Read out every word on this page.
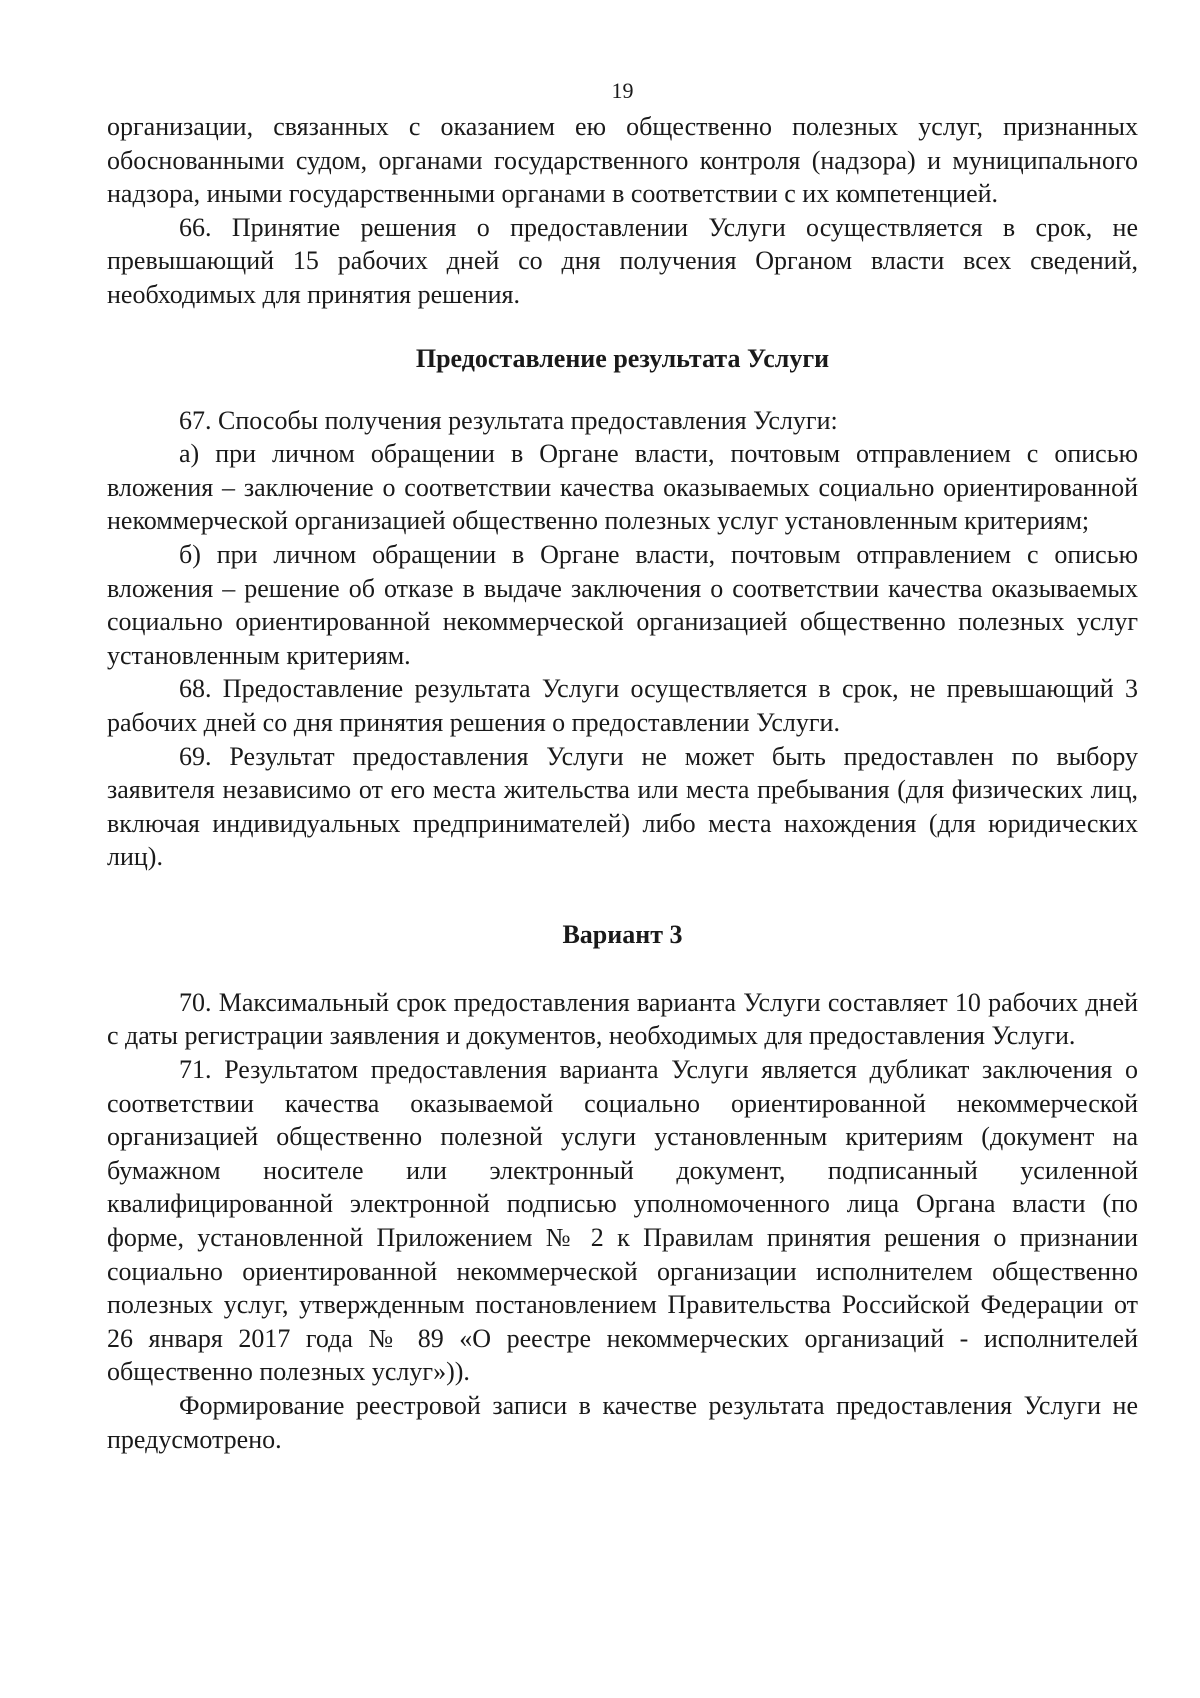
19

организации, связанных с оказанием ею общественно полезных услуг, признанных обоснованными судом, органами государственного контроля (надзора) и муниципального надзора, иными государственными органами в соответствии с их компетенцией.

66. Принятие решения о предоставлении Услуги осуществляется в срок, не превышающий 15 рабочих дней со дня получения Органом власти всех сведений, необходимых для принятия решения.

Предоставление результата Услуги

67. Способы получения результата предоставления Услуги:

а) при личном обращении в Органе власти, почтовым отправлением с описью вложения – заключение о соответствии качества оказываемых социально ориентированной некоммерческой организацией общественно полезных услуг установленным критериям;

б) при личном обращении в Органе власти, почтовым отправлением с описью вложения – решение об отказе в выдаче заключения о соответствии качества оказываемых социально ориентированной некоммерческой организацией общественно полезных услуг установленным критериям.

68. Предоставление результата Услуги осуществляется в срок, не превышающий 3 рабочих дней со дня принятия решения о предоставлении Услуги.

69. Результат предоставления Услуги не может быть предоставлен по выбору заявителя независимо от его места жительства или места пребывания (для физических лиц, включая индивидуальных предпринимателей) либо места нахождения (для юридических лиц).

Вариант 3

70. Максимальный срок предоставления варианта Услуги составляет 10 рабочих дней с даты регистрации заявления и документов, необходимых для предоставления Услуги.

71. Результатом предоставления варианта Услуги является дубликат заключения о соответствии качества оказываемой социально ориентированной некоммерческой организацией общественно полезной услуги установленным критериям (документ на бумажном носителе или электронный документ, подписанный усиленной квалифицированной электронной подписью уполномоченного лица Органа власти (по форме, установленной Приложением № 2 к Правилам принятия решения о признании социально ориентированной некоммерческой организации исполнителем общественно полезных услуг, утвержденным постановлением Правительства Российской Федерации от 26 января 2017 года № 89 «О реестре некоммерческих организаций - исполнителей общественно полезных услуг»)).

Формирование реестровой записи в качестве результата предоставления Услуги не предусмотрено.
